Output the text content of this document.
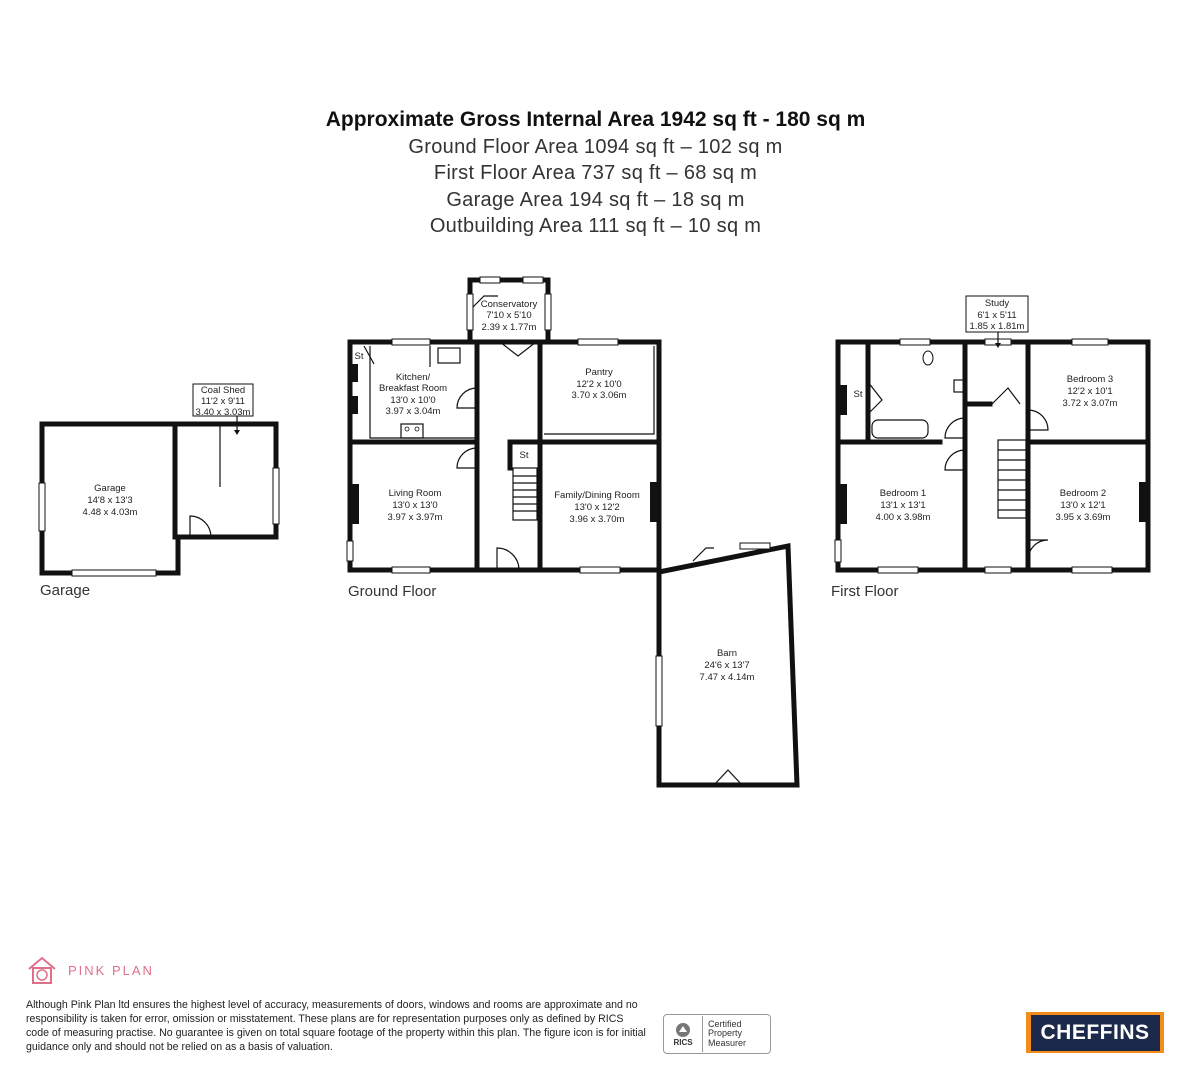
Approximate Gross Internal Area 1942 sq ft - 180 sq m
Ground Floor Area 1094 sq ft – 102 sq m
First Floor Area 737 sq ft – 68 sq m
Garage Area 194 sq ft – 18 sq m
Outbuilding Area 111 sq ft – 10 sq m
Garage
14'8 x 13'3
4.48 x 4.03m
Coal Shed
11'2 x 9'11
3.40 x 3.03m
Conservatory
7'10 x 5'10
2.39 x 1.77m
Kitchen/
Breakfast Room
13'0 x 10'0
3.97 x 3.04m
Pantry
12'2 x 10'0
3.70 x 3.06m
Living Room
13'0 x 13'0
3.97 x 3.97m
Family/Dining Room
13'0 x 12'2
3.96 x 3.70m
Barn
24'6 x 13'7
7.47 x 4.14m
Study
6'1 x 5'11
1.85 x 1.81m
Bedroom 3
12'2 x 10'1
3.72 x 3.07m
Bedroom 1
13'1 x 13'1
4.00 x 3.98m
Bedroom 2
13'0 x 12'1
3.95 x 3.69m
St
St
St
Garage	Ground Floor	First Floor
PINK PLAN
Although Pink Plan ltd ensures the highest level of accuracy, measurements of doors, windows and rooms are approximate and no responsibility is taken for error, omission or misstatement. These plans are for representation purposes only as defined by RICS code of measuring practise. No guarantee is given on total square footage of the property within this plan. The figure icon is for initial guidance only and should not be relied on as a basis of valuation.	RICS
Certified
Property
Measurer	CHEFFINS
